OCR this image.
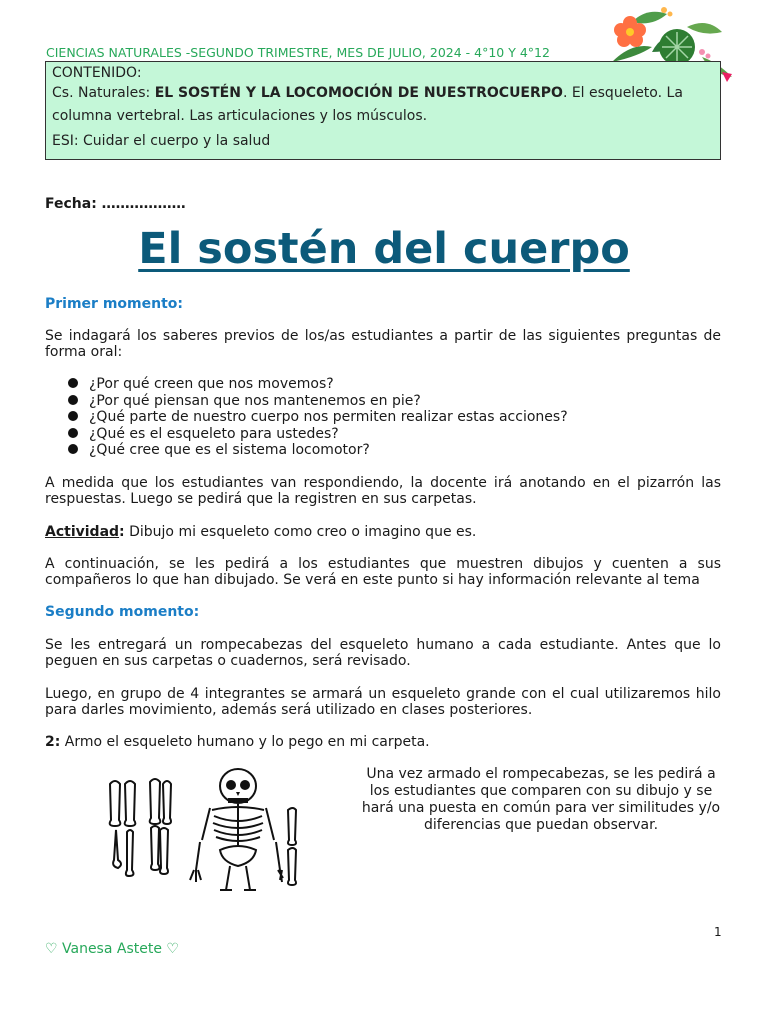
CIENCIAS NATURALES -SEGUNDO TRIMESTRE, MES DE JULIO, 2024 - 4°10 Y 4°12
CONTENIDO:
Cs. Naturales: EL SOSTÉN Y LA LOCOMOCIÓN DE NUESTROCUERPO. El esqueleto. La
columna vertebral. Las articulaciones y los músculos.
ESI: Cuidar el cuerpo y la salud
Fecha: ………………
El sostén del cuerpo
Primer momento:
Se indagará los saberes previos de los/as estudiantes a partir de las siguientes preguntas de forma oral:
¿Por qué creen que nos movemos?
¿Por qué piensan que nos mantenemos en pie?
¿Qué parte de nuestro cuerpo nos permiten realizar estas acciones?
¿Qué es el esqueleto para ustedes?
¿Qué cree que es el sistema locomotor?
A medida que los estudiantes van respondiendo, la docente irá anotando en el pizarrón las respuestas. Luego se pedirá que la registren en sus carpetas.
Actividad: Dibujo mi esqueleto como creo o imagino que es.
A continuación, se les pedirá a los estudiantes que muestren dibujos y cuenten a sus compañeros lo que han dibujado. Se verá en este punto si hay información relevante al tema
Segundo momento:
Se les entregará un rompecabezas del esqueleto humano a cada estudiante. Antes que lo peguen en sus carpetas o cuadernos, será revisado.
Luego, en grupo de 4 integrantes se armará un esqueleto grande con el cual utilizaremos hilo para darles movimiento, además será utilizado en clases posteriores.
2: Armo el esqueleto humano y lo pego en mi carpeta.
Una vez armado el rompecabezas, se les pedirá a los estudiantes que comparen con su dibujo y se hará una puesta en común para ver similitudes y/o diferencias que puedan observar.
1
♡ Vanesa Astete ♡
